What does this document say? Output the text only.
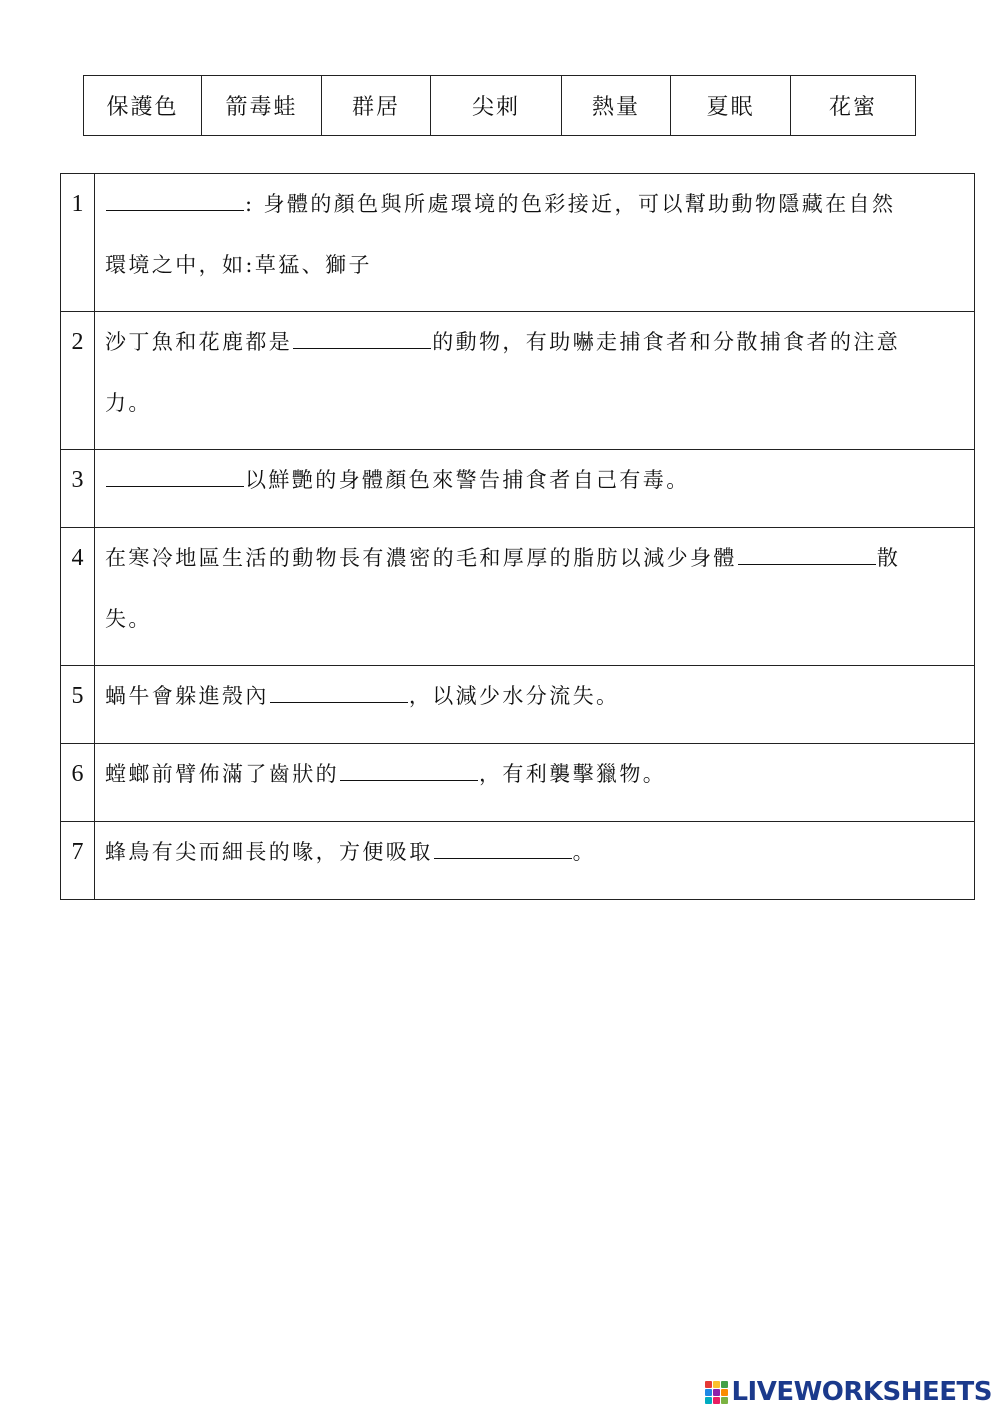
保護色	箭毒蛙	群居	尖刺	熱量	夏眠	花蜜
1	: 身體的顏色與所處環境的色彩接近，可以幫助動物隱藏在自然
環境之中，如:草猛、獅子

2	沙丁魚和花鹿都是 的動物，有助嚇走捕食者和分散捕食者的注意
力。

3	以鮮艷的身體顏色來警告捕食者自己有毒。

4	在寒冷地區生活的動物長有濃密的毛和厚厚的脂肪以減少身體 散
失。

5	蝸牛會躲進殼內 ，以減少水分流失。

6	螳螂前臂佈滿了齒狀的 ，有利襲擊獵物。

7	蜂鳥有尖而細長的喙，方便吸取 。
LIVEWORKSHEETS
